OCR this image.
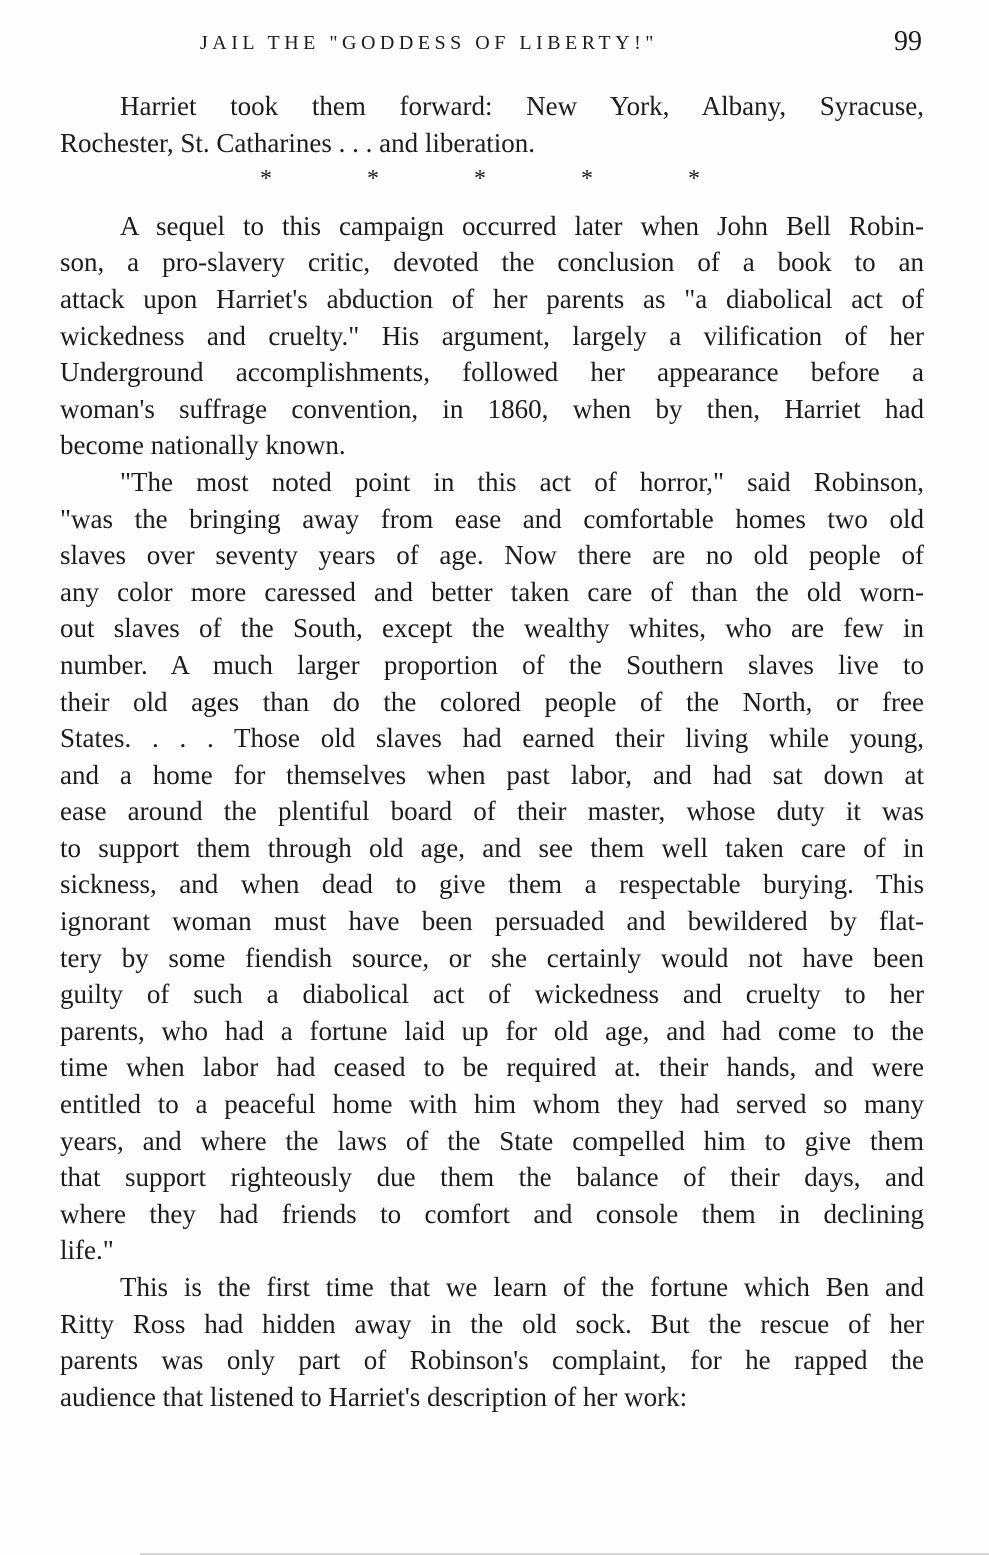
JAIL THE "GODDESS OF LIBERTY!"	99
Harriet took them forward: New York, Albany, Syracuse,
Rochester, St. Catharines . . . and liberation.
*	*	*	*	*
A sequel to this campaign occurred later when John Bell Robin-
son, a pro-slavery critic, devoted the conclusion of a book to an
attack upon Harriet's abduction of her parents as "a diabolical act of
wickedness and cruelty." His argument, largely a vilification of her
Underground accomplishments, followed her appearance before a
woman's suffrage convention, in 1860, when by then, Harriet had
become nationally known.
"The most noted point in this act of horror," said Robinson,
"was the bringing away from ease and comfortable homes two old
slaves over seventy years of age. Now there are no old people of
any color more caressed and better taken care of than the old worn-
out slaves of the South, except the wealthy whites, who are few in
number. A much larger proportion of the Southern slaves live to
their old ages than do the colored people of the North, or free
States. . . . Those old slaves had earned their living while young,
and a home for themselves when past labor, and had sat down at
ease around the plentiful board of their master, whose duty it was
to support them through old age, and see them well taken care of in
sickness, and when dead to give them a respectable burying. This
ignorant woman must have been persuaded and bewildered by flat-
tery by some fiendish source, or she certainly would not have been
guilty of such a diabolical act of wickedness and cruelty to her
parents, who had a fortune laid up for old age, and had come to the
time when labor had ceased to be required at. their hands, and were
entitled to a peaceful home with him whom they had served so many
years, and where the laws of the State compelled him to give them
that support righteously due them the balance of their days, and
where they had friends to comfort and console them in declining
life."
This is the first time that we learn of the fortune which Ben and
Ritty Ross had hidden away in the old sock. But the rescue of her
parents was only part of Robinson's complaint, for he rapped the
audience that listened to Harriet's description of her work:
